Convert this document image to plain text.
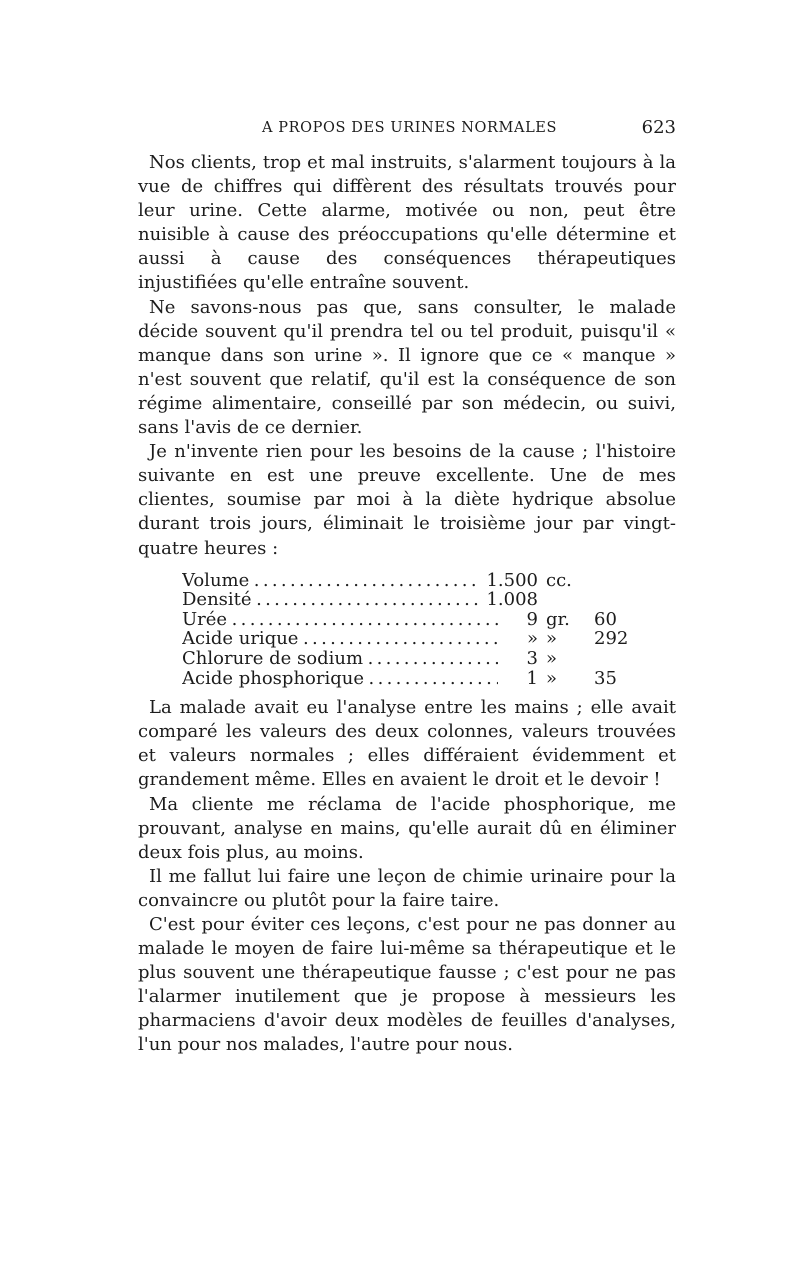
A PROPOS DES URINES NORMALES	623

Nos clients, trop et mal instruits, s'alarment toujours à la vue de chiffres qui diffèrent des résultats trouvés pour leur urine. Cette alarme, motivée ou non, peut être nuisible à cause des préoccupations qu'elle détermine et aussi à cause des conséquences thérapeutiques injustifiées qu'elle entraîne souvent.

Ne savons-nous pas que, sans consulter, le malade décide souvent qu'il prendra tel ou tel produit, puisqu'il « manque dans son urine ». Il ignore que ce « manque » n'est souvent que relatif, qu'il est la conséquence de son régime alimentaire, conseillé par son médecin, ou suivi, sans l'avis de ce dernier.

Je n'invente rien pour les besoins de la cause ; l'histoire suivante en est une preuve excellente. Une de mes clientes, soumise par moi à la diète hydrique absolue durant trois jours, éliminait le troisième jour par vingt-quatre heures :

Volume . . .	1.500 cc.
Densité . . .	1.008
Urée . . .	9 gr.	60
Acide urique . . .	» »	292
Chlorure de sodium . . .	3 »
Acide phosphorique . . .	1 »	35

La malade avait eu l'analyse entre les mains ; elle avait comparé les valeurs des deux colonnes, valeurs trouvées et valeurs normales ; elles différaient évidemment et grandement même. Elles en avaient le droit et le devoir !

Ma cliente me réclama de l'acide phosphorique, me prouvant, analyse en mains, qu'elle aurait dû en éliminer deux fois plus, au moins.

Il me fallut lui faire une leçon de chimie urinaire pour la convaincre ou plutôt pour la faire taire.

C'est pour éviter ces leçons, c'est pour ne pas donner au malade le moyen de faire lui-même sa thérapeutique et le plus souvent une thérapeutique fausse ; c'est pour ne pas l'alarmer inutilement que je propose à messieurs les pharmaciens d'avoir deux modèles de feuilles d'analyses, l'un pour nos malades, l'autre pour nous.
